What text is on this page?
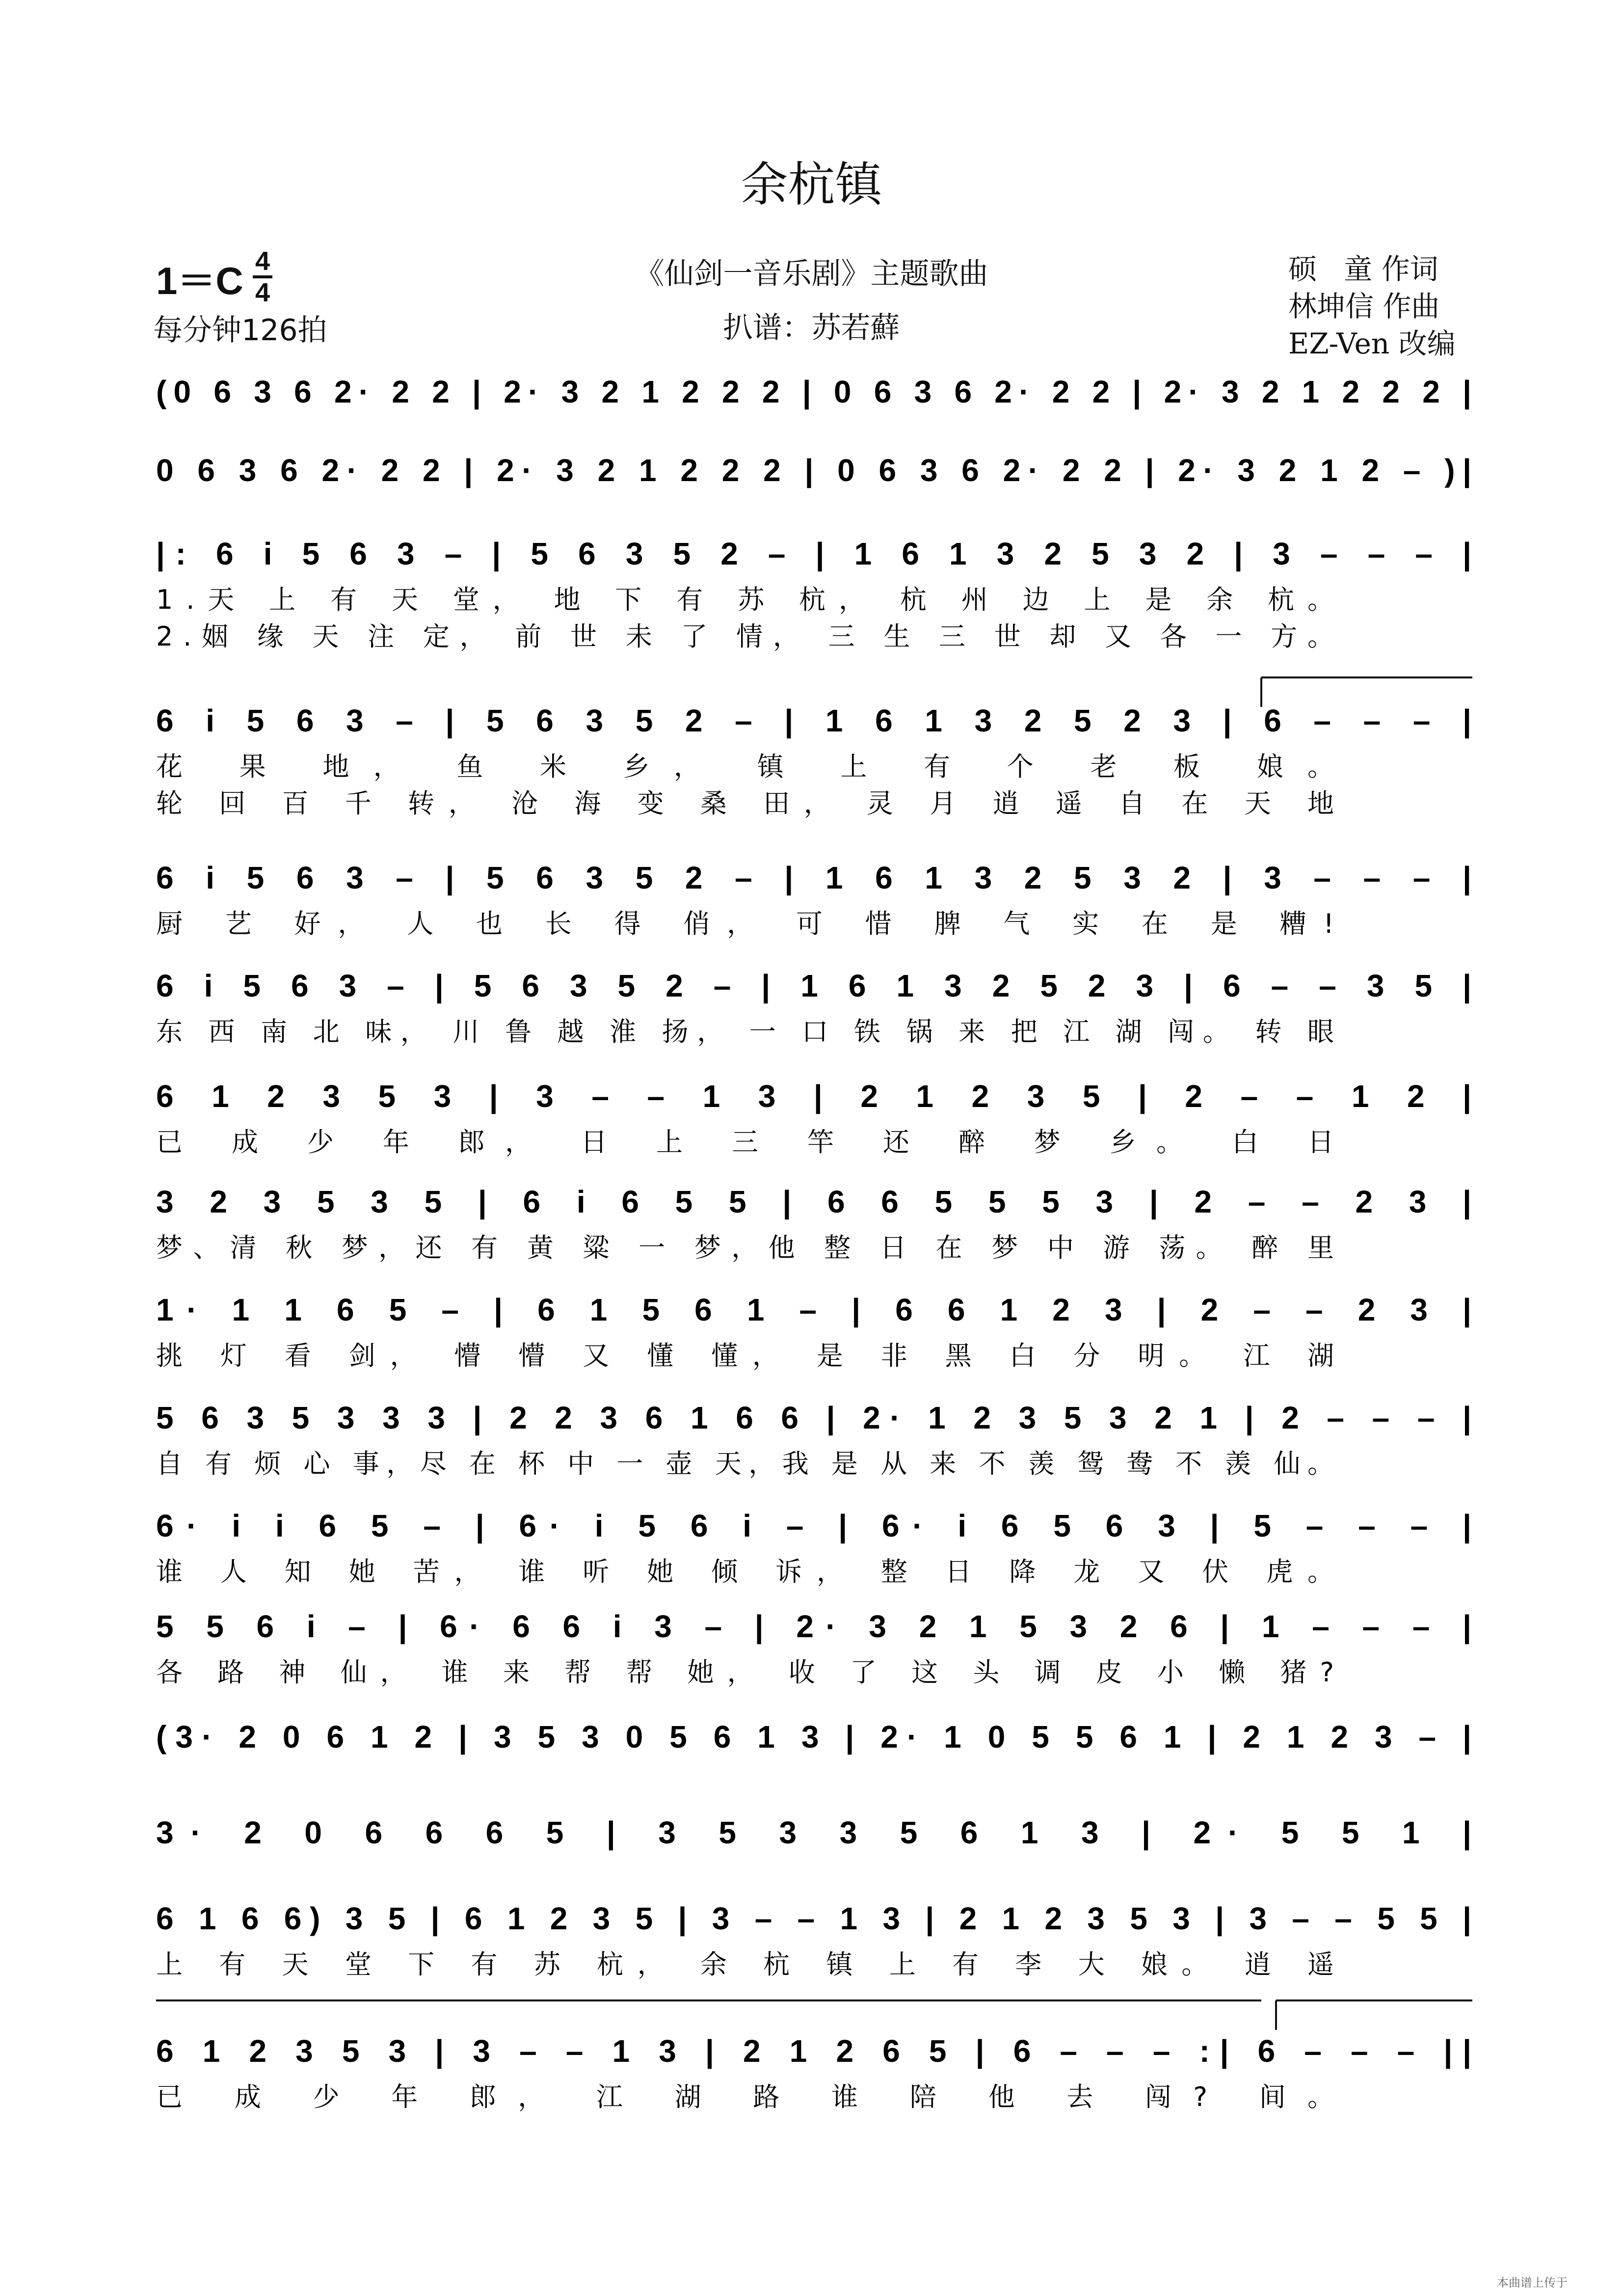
余杭镇
1＝C 4
4
每分钟126拍
《仙剑一音乐剧》主题歌曲
扒谱：苏若蘚
硕   童 作词
林坤信 作曲
EZ-Ven 改编
(0 6 3 6 2· 2 2 | 2· 3 2 1 2 2 2 | 0 6 3 6 2· 2 2 | 2· 3 2 1 2 2 2 |
0 6 3 6 2· 2 2 | 2· 3 2 1 2 2 2 | 0 6 3 6 2· 2 2 | 2· 3 2 1 2 – )|
|: 6 i 5 6 3 – | 5 6 3 5 2 – | 1 6 1 3 2 5 3 2 | 3 – – – |
1.天 上 有 天 堂， 地 下 有 苏 杭， 杭 州 边 上 是 余 杭。
2.姻 缘 天 注 定， 前 世 未 了 情， 三 生 三 世 却 又 各 一 方。
6 i 5 6 3 – | 5 6 3 5 2 – | 1 6 1 3 2 5 2 3 | 6 – – – |
花 果 地， 鱼 米 乡， 镇 上 有 个 老 板 娘。
轮 回 百 千 转， 沧 海 变 桑 田， 灵 月 逍 遥 自 在 天 地
6 i 5 6 3 – | 5 6 3 5 2 – | 1 6 1 3 2 5 3 2 | 3 – – – |
厨 艺 好， 人 也 长 得 俏， 可 惜 脾 气 实 在 是 糟!
6 i 5 6 3 – | 5 6 3 5 2 – | 1 6 1 3 2 5 2 3 | 6 – – 3 5 |
东 西 南 北 味， 川 鲁 越 淮 扬， 一 口 铁 锅 来 把 江 湖 闯。 转 眼
6 1 2 3 5 3 | 3 – – 1 3 | 2 1 2 3 5 | 2 – – 1 2 |
已 成 少 年 郎， 日 上 三 竿 还 醉 梦 乡。 白 日
3 2 3 5 3 5 | 6 i 6 5 5 | 6 6 5 5 5 3 | 2 – – 2 3 |
梦、清 秋 梦，还 有 黄 粱 一 梦，他 整 日 在 梦 中 游 荡。 醉 里
1· 1 1 6 5 – | 6 1 5 6 1 – | 6 6 1 2 3 | 2 – – 2 3 |
挑 灯 看 剑， 懵 懵 又 懂 懂， 是 非 黑 白 分 明。 江 湖
5 6 3 5 3 3 3 | 2 2 3 6 1 6 6 | 2· 1 2 3 5 3 2 1 | 2 – – – |
自 有 烦 心 事，尽 在 杯 中 一 壶 天，我 是 从 来 不 羡 鸳 鸯 不 羡 仙。
6· i i 6 5 – | 6· i 5 6 i – | 6· i 6 5 6 3 | 5 – – – |
谁 人 知 她 苦， 谁 听 她 倾 诉， 整 日 降 龙 又 伏 虎。
5 5 6 i – | 6· 6 6 i 3 – | 2· 3 2 1 5 3 2 6 | 1 – – – |
各 路 神 仙， 谁 来 帮 帮 她， 收 了 这 头 调 皮 小 懒 猪?
(3· 2 0 6 1 2 | 3 5 3 0 5 6 1 3 | 2· 1 0 5 5 6 1 | 2 1 2 3 – |
3· 2 0 6 6 6 5 | 3 5 3 3 5 6 1 3 | 2· 5 5 1 |
6 1 6 6) 3 5 | 6 1 2 3 5 | 3 – – 1 3 | 2 1 2 3 5 3 | 3 – – 5 5 |
上 有 天 堂 下 有 苏 杭， 余 杭 镇 上 有 李 大 娘。 逍 遥
6 1 2 3 5 3 | 3 – – 1 3 | 2 1 2 6 5 | 6 – – – :| 6 – – – ||
已 成 少 年 郎， 江 湖 路 谁 陪 他 去 闯? 间。
本曲谱上传于
